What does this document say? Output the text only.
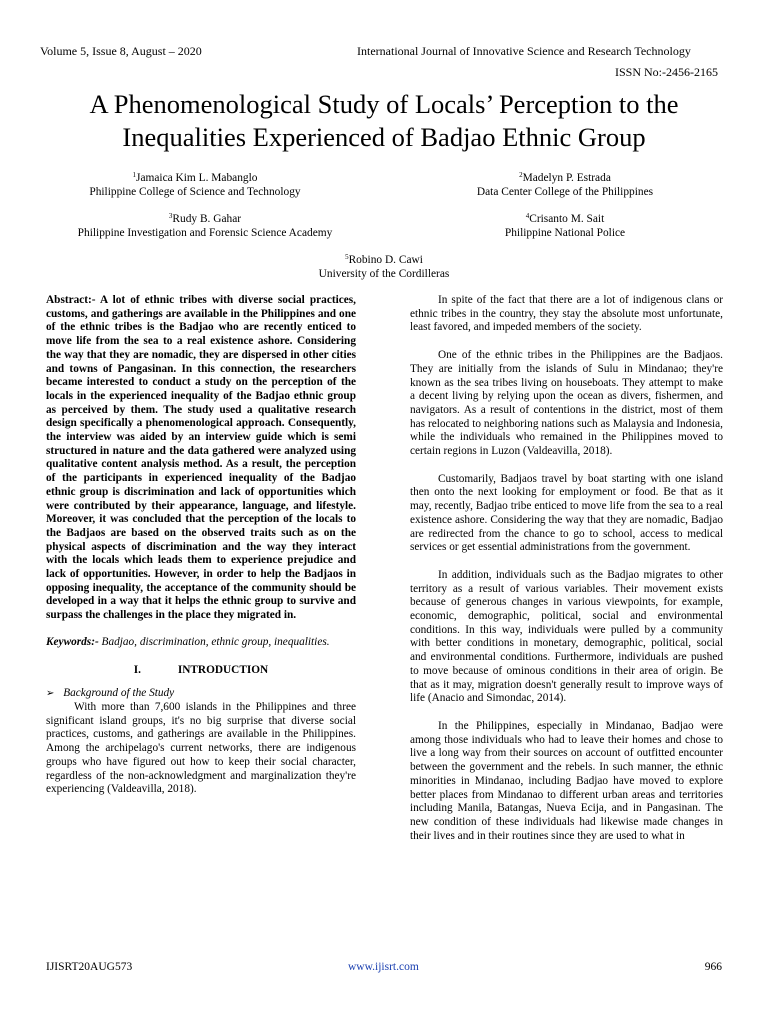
Volume 5, Issue 8, August – 2020	International Journal of Innovative Science and Research Technology
ISSN No:-2456-2165
A Phenomenological Study of Locals’ Perception to the Inequalities Experienced of Badjao Ethnic Group
$^1$Jamaica Kim L. Mabanglo
Philippine College of Science and Technology
$^2$Madelyn P. Estrada
Data Center College of the Philippines
$^3$Rudy B. Gahar
Philippine Investigation and Forensic Science Academy
$^4$Crisanto M. Sait
Philippine National Police
$^5$Robino D. Cawi
University of the Cordilleras

Abstract:- A lot of ethnic tribes with diverse social practices, customs, and gatherings are available in the Philippines and one of the ethnic tribes is the Badjao who are recently enticed to move life from the sea to a real existence ashore. Considering the way that they are nomadic, they are dispersed in other cities and towns of Pangasinan. In this connection, the researchers became interested to conduct a study on the perception of the locals in the experienced inequality of the Badjao ethnic group as perceived by them. The study used a qualitative research design specifically a phenomenological approach. Consequently, the interview was aided by an interview guide which is semi structured in nature and the data gathered were analyzed using qualitative content analysis method. As a result, the perception of the participants in experienced inequality of the Badjao ethnic group is discrimination and lack of opportunities which were contributed by their appearance, language, and lifestyle. Moreover, it was concluded that the perception of the locals to the Badjaos are based on the observed traits such as on the physical aspects of discrimination and the way they interact with the locals which leads them to experience prejudice and lack of opportunities. However, in order to help the Badjaos in opposing inequality, the acceptance of the community should be developed in a way that it helps the ethnic group to survive and surpass the challenges in the place they migrated in.

Keywords:- Badjao, discrimination, ethnic group, inequalities.

I.	INTRODUCTION

➢ Background of the Study

With more than 7,600 islands in the Philippines and three significant island groups, it's no big surprise that diverse social practices, customs, and gatherings are available in the Philippines. Among the archipelago's current networks, there are indigenous groups who have figured out how to keep their social character, regardless of the non-acknowledgment and marginalization they're experiencing (Valdeavilla, 2018).

In spite of the fact that there are a lot of indigenous clans or ethnic tribes in the country, they stay the absolute most unfortunate, least favored, and impeded members of the society.

One of the ethnic tribes in the Philippines are the Badjaos. They are initially from the islands of Sulu in Mindanao; they're known as the sea tribes living on houseboats. They attempt to make a decent living by relying upon the ocean as divers, fishermen, and navigators. As a result of contentions in the district, most of them has relocated to neighboring nations such as Malaysia and Indonesia, while the individuals who remained in the Philippines moved to certain regions in Luzon (Valdeavilla, 2018).

Customarily, Badjaos travel by boat starting with one island then onto the next looking for employment or food. Be that as it may, recently, Badjao tribe enticed to move life from the sea to a real existence ashore. Considering the way that they are nomadic, Badjao are redirected from the chance to go to school, access to medical services or get essential administrations from the government.

In addition, individuals such as the Badjao migrates to other territory as a result of various variables. Their movement exists because of generous changes in various viewpoints, for example, economic, demographic, political, social and environmental conditions. In this way, individuals were pulled by a community with better conditions in monetary, demographic, political, social and environmental conditions. Furthermore, individuals are pushed to move because of ominous conditions in their area of origin. Be that as it may, migration doesn't generally result to improve ways of life (Anacio and Simondac, 2014).

In the Philippines, especially in Mindanao, Badjao were among those individuals who had to leave their homes and chose to live a long way from their sources on account of outfitted encounter between the government and the rebels. In such manner, the ethnic minorities in Mindanao, including Badjao have moved to explore better places from Mindanao to different urban areas and territories including Manila, Batangas, Nueva Ecija, and in Pangasinan. The new condition of these individuals had likewise made changes in their lives and in their routines since they are used to what in

IJISRT20AUG573	www.ijisrt.com	966
